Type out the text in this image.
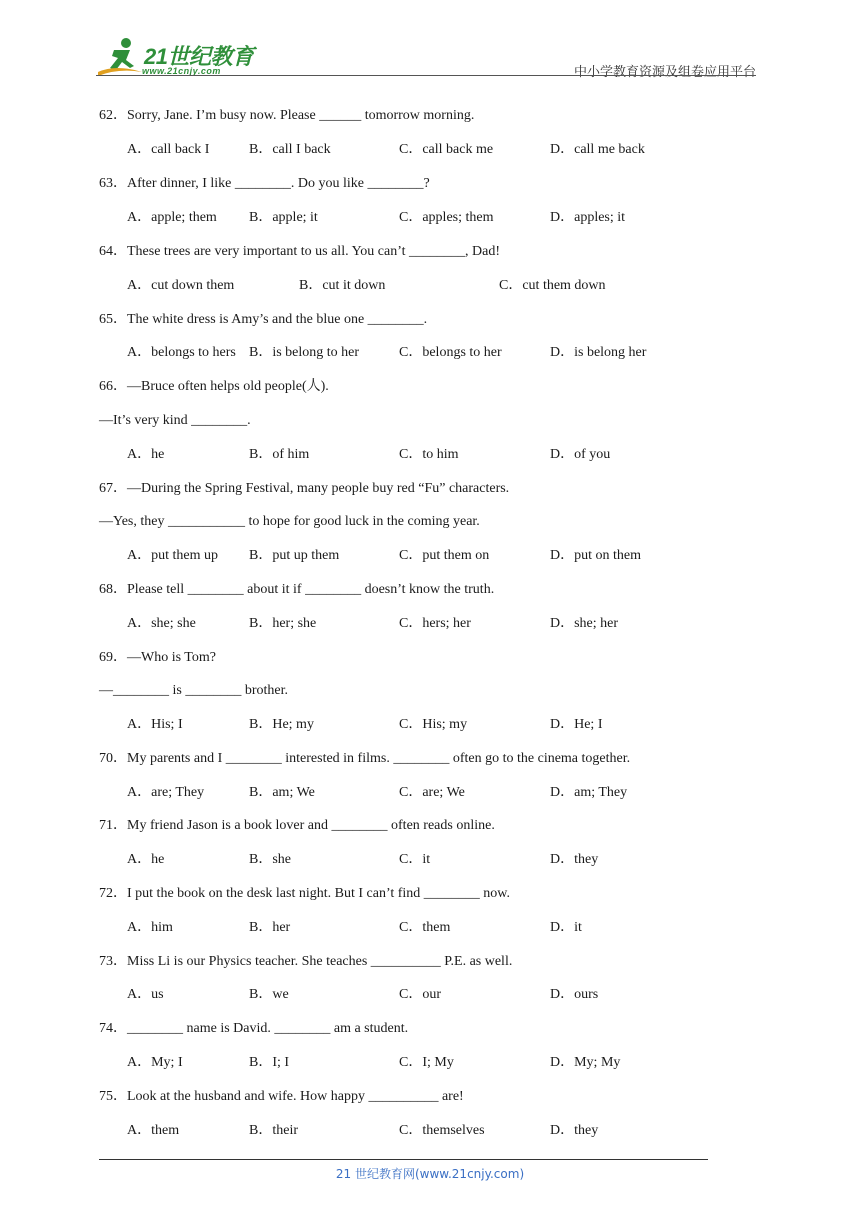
21世纪教育
www.21cnjy.com	中小学教育资源及组卷应用平台
62．Sorry, Jane. I’m busy now. Please ______ tomorrow morning.
A．call back I	B．call I back	C．call back me	D．call me back
63．After dinner, I like ________. Do you like ________?
A．apple; them B．apple; it	C．apples; them	D．apples; it
64．These trees are very important to us all. You can’t ________, Dad!
A．cut down them	B．cut it down	C．cut them down
65．The white dress is Amy’s and the blue one ________.
A．belongs to hers B．is belong to her	C．belongs to her	D．is belong her
66．—Bruce often helps old people(人).
—It’s very kind ________.
A．he	B．of him	C．to him	D．of you
67．—During the Spring Festival, many people buy red “Fu” characters.
—Yes, they ___________ to hope for good luck in the coming year.
A．put them up B．put up them	C．put them on	D．put on them
68．Please tell ________ about it if ________ doesn’t know the truth.
A．she; she	B．her; she	C．hers; her	D．she; her
69．—Who is Tom?
—________ is ________ brother.
A．His; I	B．He; my	C．His; my	D．He; I
70．My parents and I ________ interested in films. ________ often go to the cinema together.
A．are; They	B．am; We	C．are; We	D．am; They
71．My friend Jason is a book lover and ________ often reads online.
A．he	B．she	C．it	D．they
72．I put the book on the desk last night. But I can’t find ________ now.
A．him	B．her	C．them	D．it
73．Miss Li is our Physics teacher. She teaches __________ P.E. as well.
A．us	B．we	C．our	D．ours
74．________ name is David. ________ am a student.
A．My; I	B．I; I	C．I; My	D．My; My
75．Look at the husband and wife. How happy __________ are!
A．them	B．their	C．themselves	D．they
21 世纪教育网(www.21cnjy.com)
